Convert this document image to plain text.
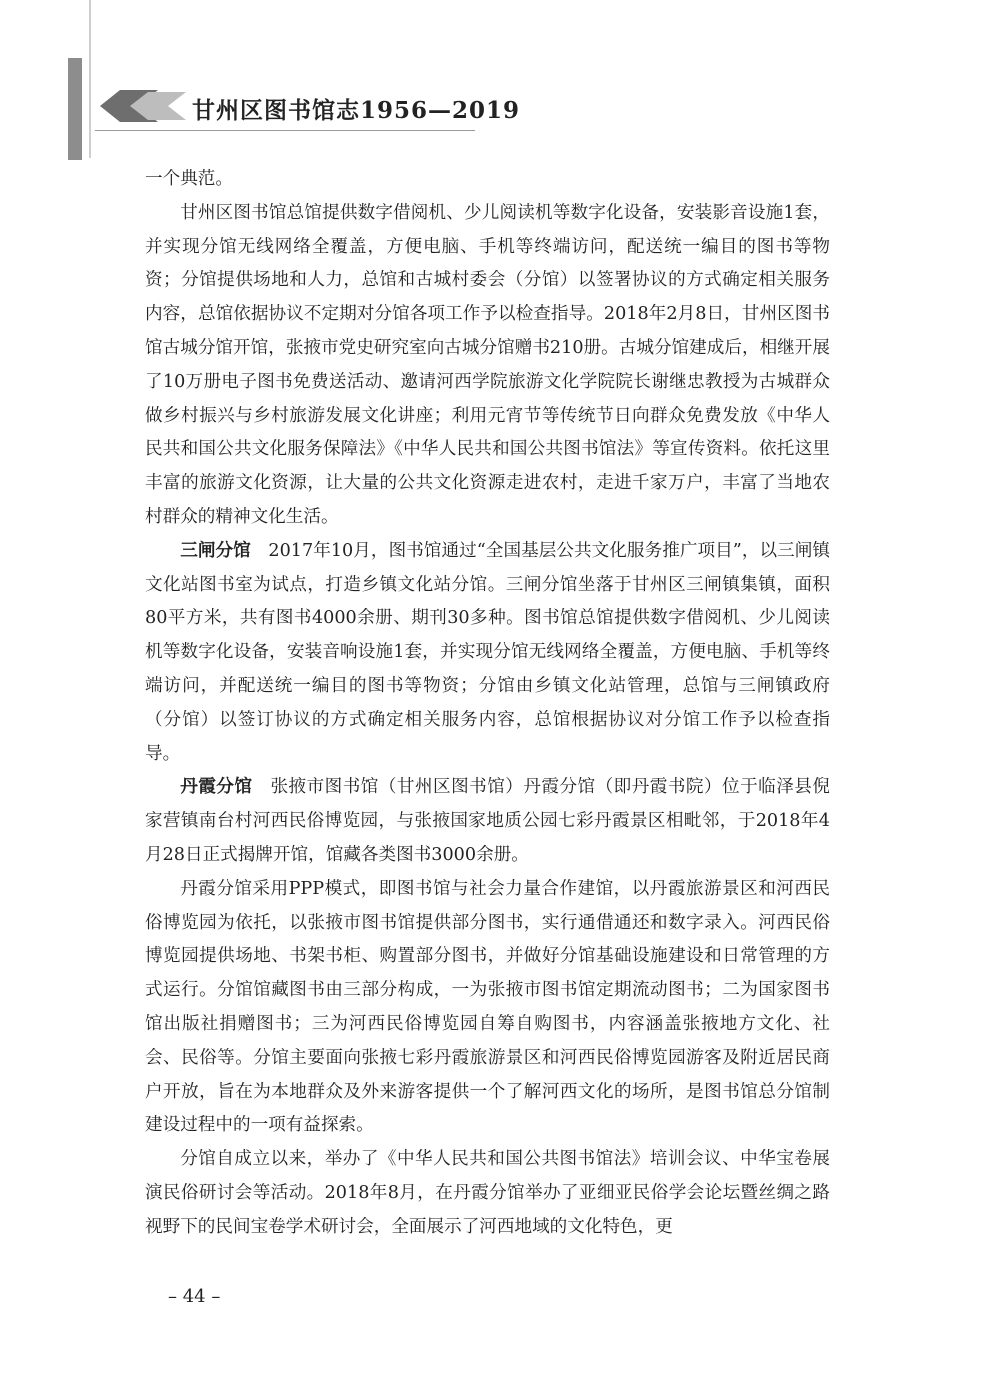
甘州区图书馆志1956—2019

一个典范。

甘州区图书馆总馆提供数字借阅机、少儿阅读机等数字化设备，安装影音设施1套，并实现分馆无线网络全覆盖，方便电脑、手机等终端访问，配送统一编目的图书等物资；分馆提供场地和人力，总馆和古城村委会（分馆）以签署协议的方式确定相关服务内容，总馆依据协议不定期对分馆各项工作予以检查指导。2018年2月8日，甘州区图书馆古城分馆开馆，张掖市党史研究室向古城分馆赠书210册。古城分馆建成后，相继开展了10万册电子图书免费送活动、邀请河西学院旅游文化学院院长谢继忠教授为古城群众做乡村振兴与乡村旅游发展文化讲座；利用元宵节等传统节日向群众免费发放《中华人民共和国公共文化服务保障法》《中华人民共和国公共图书馆法》等宣传资料。依托这里丰富的旅游文化资源，让大量的公共文化资源走进农村，走进千家万户，丰富了当地农村群众的精神文化生活。

三闸分馆　 2017年10月，图书馆通过“全国基层公共文化服务推广项目”，以三闸镇文化站图书室为试点，打造乡镇文化站分馆。三闸分馆坐落于甘州区三闸镇集镇，面积80平方米，共有图书4000余册、期刊30多种。图书馆总馆提供数字借阅机、少儿阅读机等数字化设备，安装音响设施1套，并实现分馆无线网络全覆盖，方便电脑、手机等终端访问，并配送统一编目的图书等物资；分馆由乡镇文化站管理，总馆与三闸镇政府（分馆）以签订协议的方式确定相关服务内容，总馆根据协议对分馆工作予以检查指导。

丹霞分馆　 张掖市图书馆（甘州区图书馆）丹霞分馆（即丹霞书院）位于临泽县倪家营镇南台村河西民俗博览园，与张掖国家地质公园七彩丹霞景区相毗邻，于2018年4月28日正式揭牌开馆，馆藏各类图书3000余册。

丹霞分馆采用PPP模式，即图书馆与社会力量合作建馆，以丹霞旅游景区和河西民俗博览园为依托，以张掖市图书馆提供部分图书，实行通借通还和数字录入。河西民俗博览园提供场地、书架书柜、购置部分图书，并做好分馆基础设施建设和日常管理的方式运行。分馆馆藏图书由三部分构成，一为张掖市图书馆定期流动图书；二为国家图书馆出版社捐赠图书；三为河西民俗博览园自筹自购图书，内容涵盖张掖地方文化、社会、民俗等。分馆主要面向张掖七彩丹霞旅游景区和河西民俗博览园游客及附近居民商户开放，旨在为本地群众及外来游客提供一个了解河西文化的场所，是图书馆总分馆制建设过程中的一项有益探索。

分馆自成立以来，举办了《中华人民共和国公共图书馆法》培训会议、中华宝卷展演民俗研讨会等活动。2018年8月，在丹霞分馆举办了亚细亚民俗学会论坛暨丝绸之路视野下的民间宝卷学术研讨会，全面展示了河西地域的文化特色，更

– 44 –
